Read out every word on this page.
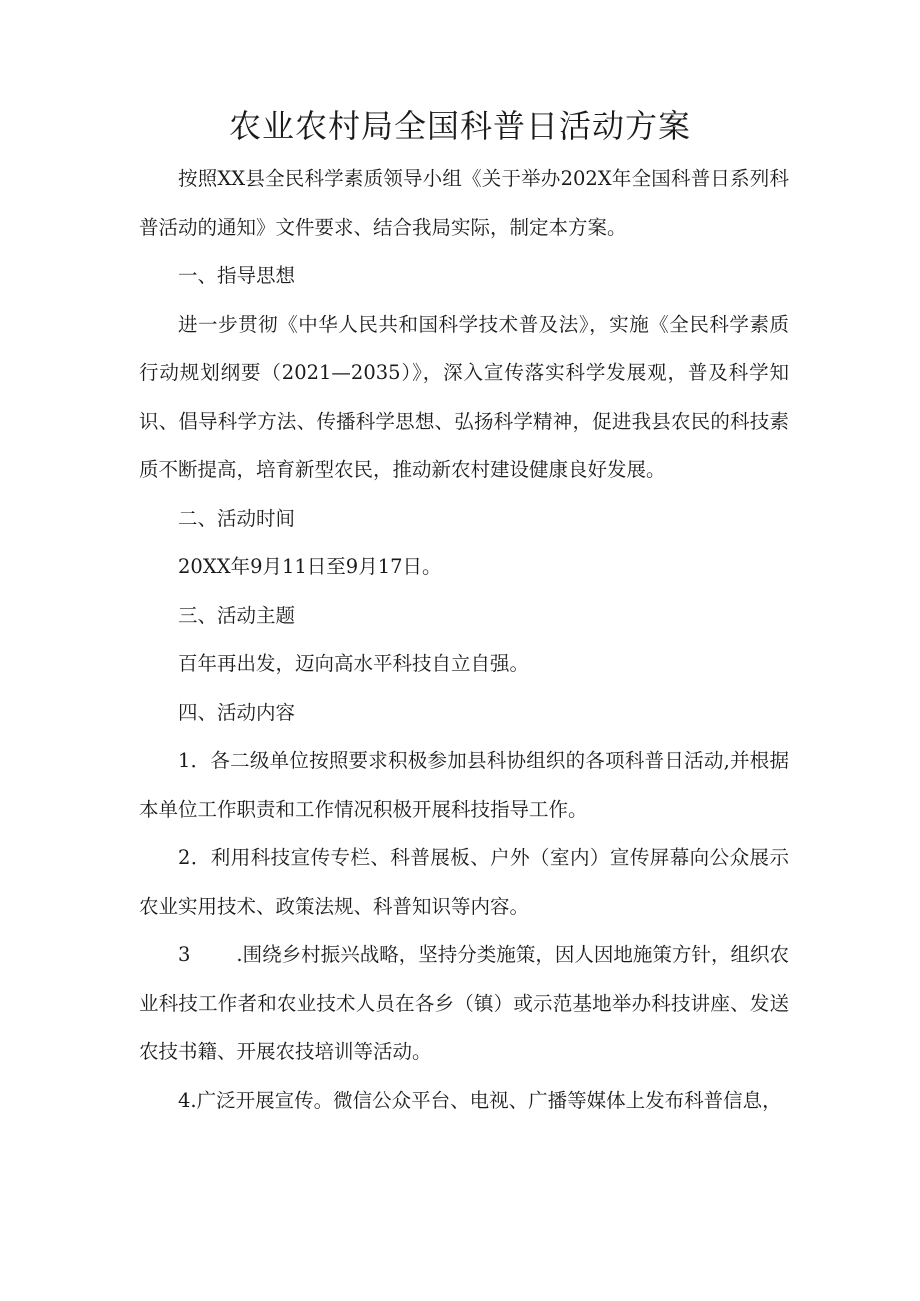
农业农村局全国科普日活动方案

按照XX县全民科学素质领导小组《关于举办202X年全国科普日系列科普活动的通知》文件要求、结合我局实际，制定本方案。

一、指导思想

进一步贯彻《中华人民共和国科学技术普及法》，实施《全民科学素质行动规划纲要（2021—2035）》，深入宣传落实科学发展观，普及科学知识、倡导科学方法、传播科学思想、弘扬科学精神，促进我县农民的科技素质不断提高，培育新型农民，推动新农村建设健康良好发展。

二、活动时间

20XX年9月11日至9月17日。

三、活动主题

百年再出发，迈向高水平科技自立自强。

四、活动内容

1．各二级单位按照要求积极参加县科协组织的各项科普日活动,并根据本单位工作职责和工作情况积极开展科技指导工作。

2．利用科技宣传专栏、科普展板、户外（室内）宣传屏幕向公众展示农业实用技术、政策法规、科普知识等内容。

3 .围绕乡村振兴战略，坚持分类施策，因人因地施策方针，组织农业科技工作者和农业技术人员在各乡（镇）或示范基地举办科技讲座、发送农技书籍、开展农技培训等活动。

4.广泛开展宣传。微信公众平台、电视、广播等媒体上发布科普信息，
